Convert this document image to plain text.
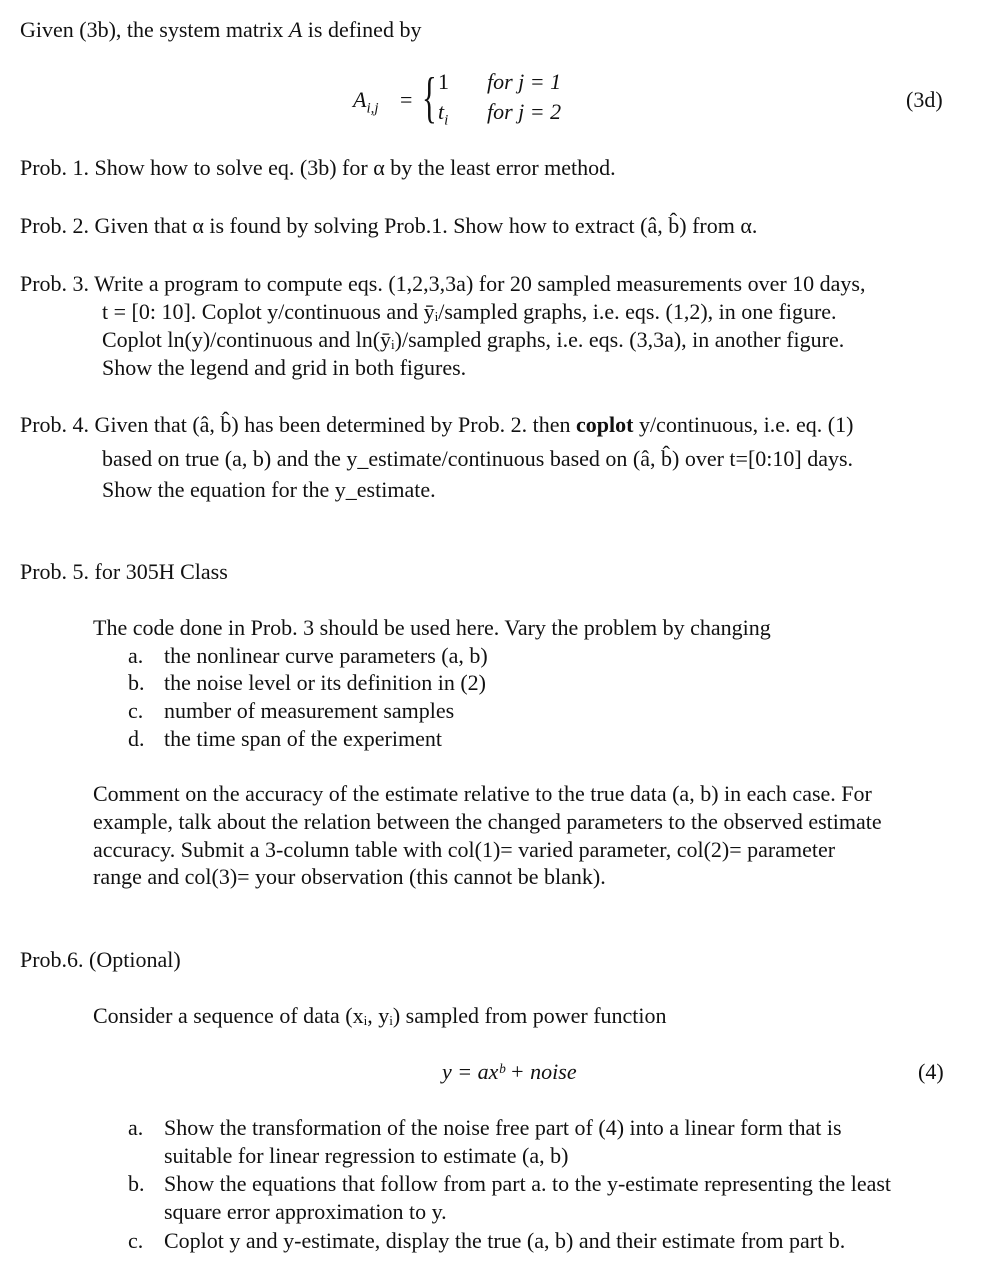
Given (3b), the system matrix A is defined by
$A_{i,j}$ = { 1
$t_i$
for j = 1
for j = 2	(3d)
Prob. 1. Show how to solve eq. (3b) for α by the least error method.
Prob. 2. Given that α is found by solving Prob.1. Show how to extract (â, b̂) from α.
Prob. 3. Write a program to compute eqs. (1,2,3,3a) for 20 sampled measurements over 10 days,
t = [0: 10]. Coplot y/continuous and ȳᵢ/sampled graphs, i.e. eqs. (1,2), in one figure.
Coplot ln(y)/continuous and ln(ȳᵢ)/sampled graphs, i.e. eqs. (3,3a), in another figure.
Show the legend and grid in both figures.
Prob. 4. Given that (â, b̂) has been determined by Prob. 2. then coplot y/continuous, i.e. eq. (1)
based on true (a, b) and the y_estimate/continuous based on (â, b̂) over t=[0:10] days.
Show the equation for the y_estimate.
Prob. 5. for 305H Class
The code done in Prob. 3 should be used here. Vary the problem by changing
a. the nonlinear curve parameters (a, b)
b. the noise level or its definition in (2)
c. number of measurement samples
d. the time span of the experiment
Comment on the accuracy of the estimate relative to the true data (a, b) in each case. For
example, talk about the relation between the changed parameters to the observed estimate
accuracy. Submit a 3-column table with col(1)= varied parameter, col(2)= parameter
range and col(3)= your observation (this cannot be blank).
Prob.6. (Optional)
Consider a sequence of data (xᵢ, yᵢ) sampled from power function
y = axᵇ + noise	(4)
a. Show the transformation of the noise free part of (4) into a linear form that is
suitable for linear regression to estimate (a, b)
b. Show the equations that follow from part a. to the y-estimate representing the least
square error approximation to y.
c. Coplot y and y-estimate, display the true (a, b) and their estimate from part b.
